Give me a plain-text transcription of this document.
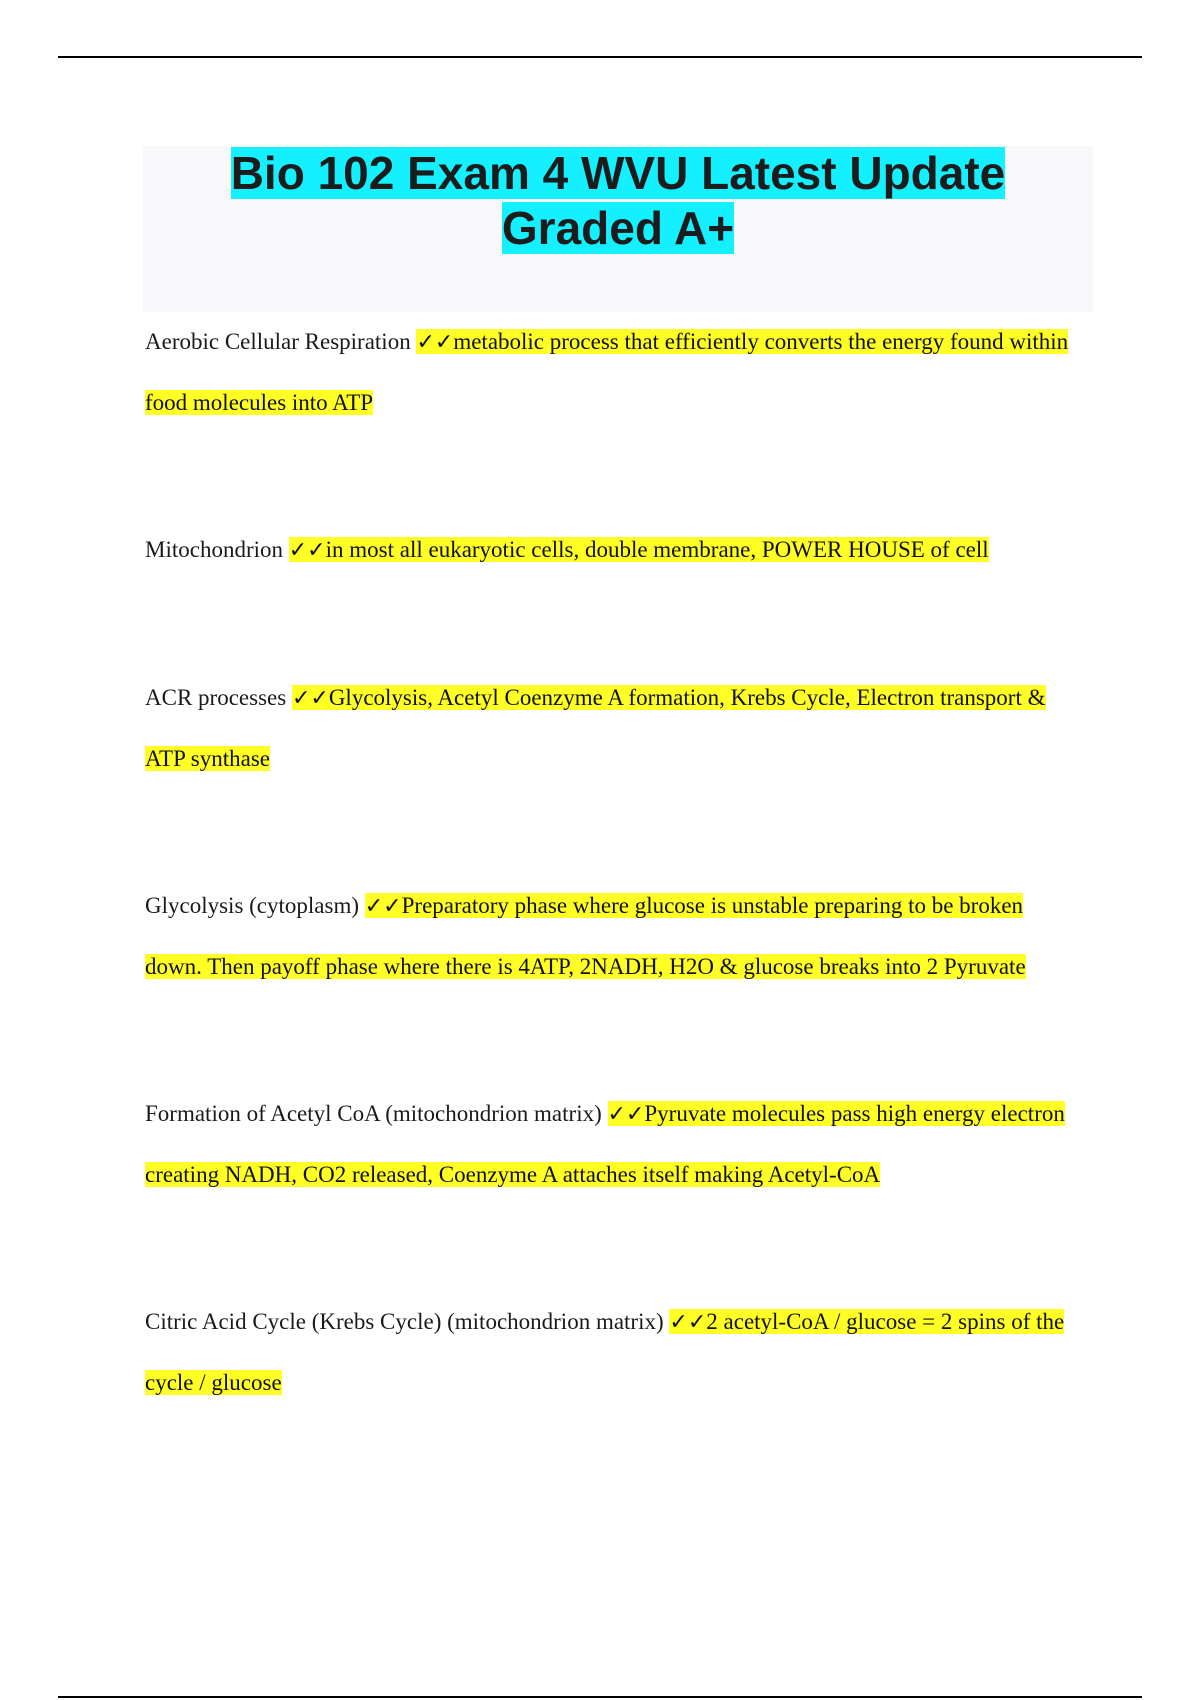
Bio 102 Exam 4 WVU Latest Update
Graded A+

Aerobic Cellular Respiration ✓✓metabolic process that efficiently converts the energy found within food molecules into ATP

Mitochondrion ✓✓in most all eukaryotic cells, double membrane, POWER HOUSE of cell

ACR processes ✓✓Glycolysis, Acetyl Coenzyme A formation, Krebs Cycle, Electron transport & ATP synthase

Glycolysis (cytoplasm) ✓✓Preparatory phase where glucose is unstable preparing to be broken down. Then payoff phase where there is 4ATP, 2NADH, H2O & glucose breaks into 2 Pyruvate

Formation of Acetyl CoA (mitochondrion matrix) ✓✓Pyruvate molecules pass high energy electron creating NADH, CO2 released, Coenzyme A attaches itself making Acetyl-CoA

Citric Acid Cycle (Krebs Cycle) (mitochondrion matrix) ✓✓2 acetyl-CoA / glucose = 2 spins of the cycle / glucose
